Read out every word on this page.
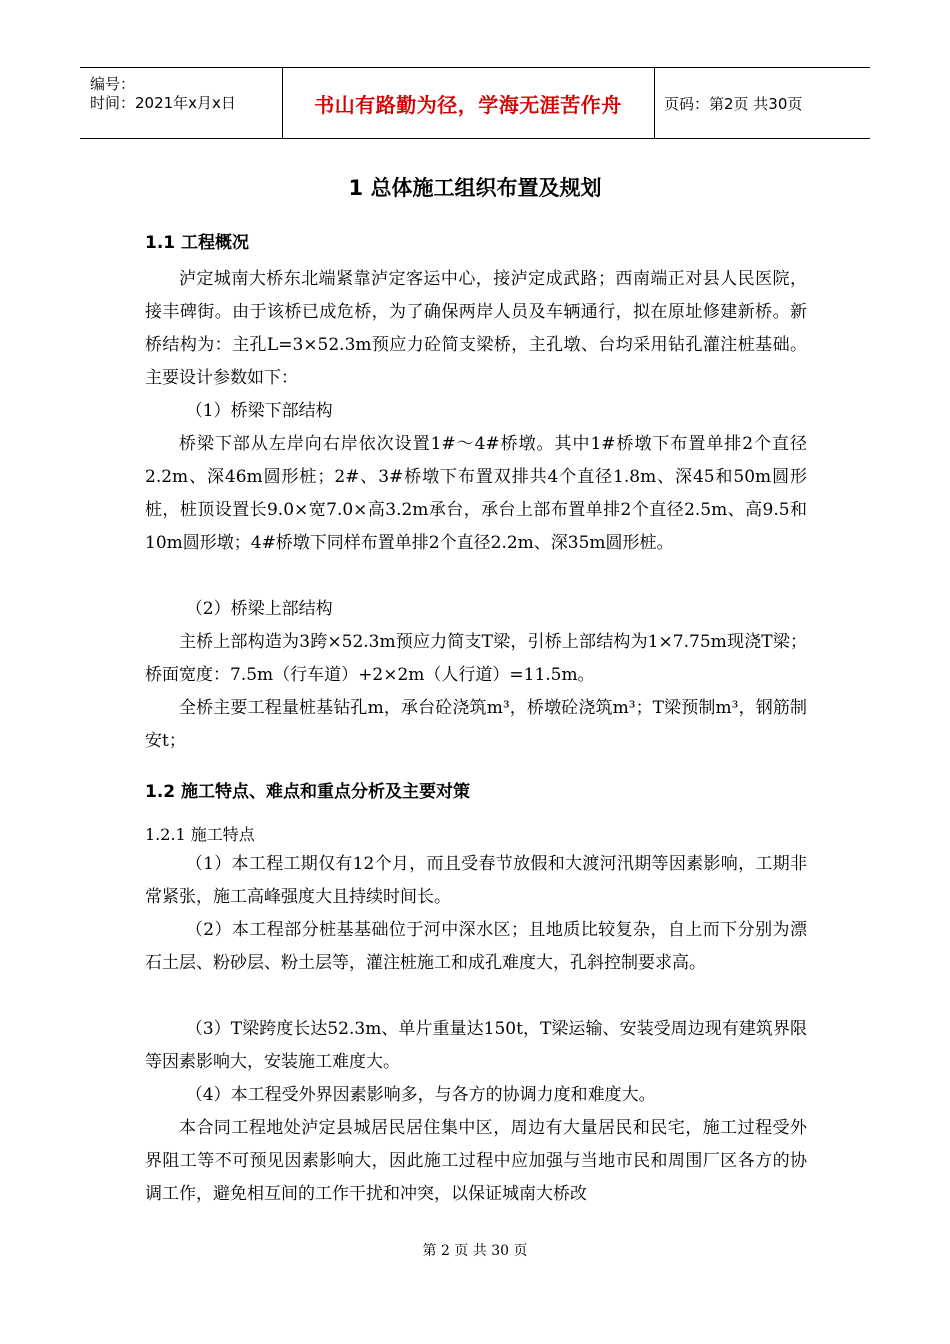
编号：
时间：2021年x月x日	书山有路勤为径，学海无涯苦作舟	页码：第2页 共30页
1 总体施工组织布置及规划
1.1 工程概况
泸定城南大桥东北端紧靠泸定客运中心，接泸定成武路；西南端正对县人民医院，接丰碑街。由于该桥已成危桥，为了确保两岸人员及车辆通行，拟在原址修建新桥。新桥结构为：主孔L=3×52.3m预应力砼简支梁桥，主孔墩、台均采用钻孔灌注桩基础。主要设计参数如下：
（1）桥梁下部结构
桥梁下部从左岸向右岸依次设置1#～4#桥墩。其中1#桥墩下布置单排2个直径2.2m、深46m圆形桩；2#、3#桥墩下布置双排共4个直径1.8m、深45和50m圆形桩，桩顶设置长9.0×宽7.0×高3.2m承台，承台上部布置单排2个直径2.5m、高9.5和10m圆形墩；4#桥墩下同样布置单排2个直径2.2m、深35m圆形桩。
（2）桥梁上部结构
主桥上部构造为3跨×52.3m预应力简支T梁，引桥上部结构为1×7.75m现浇T梁；桥面宽度：7.5m（行车道）+2×2m（人行道）=11.5m。
全桥主要工程量桩基钻孔m，承台砼浇筑m³，桥墩砼浇筑m³；T梁预制m³，钢筋制安t；
1.2 施工特点、难点和重点分析及主要对策
1.2.1 施工特点
（1）本工程工期仅有12个月，而且受春节放假和大渡河汛期等因素影响，工期非常紧张，施工高峰强度大且持续时间长。
（2）本工程部分桩基基础位于河中深水区；且地质比较复杂，自上而下分别为漂石土层、粉砂层、粉土层等，灌注桩施工和成孔难度大，孔斜控制要求高。
（3）T梁跨度长达52.3m、单片重量达150t，T梁运输、安装受周边现有建筑界限等因素影响大，安装施工难度大。
（4）本工程受外界因素影响多，与各方的协调力度和难度大。
本合同工程地处泸定县城居民居住集中区，周边有大量居民和民宅，施工过程受外界阻工等不可预见因素影响大，因此施工过程中应加强与当地市民和周围厂区各方的协调工作，避免相互间的工作干扰和冲突，以保证城南大桥改
第 2 页 共 30 页
